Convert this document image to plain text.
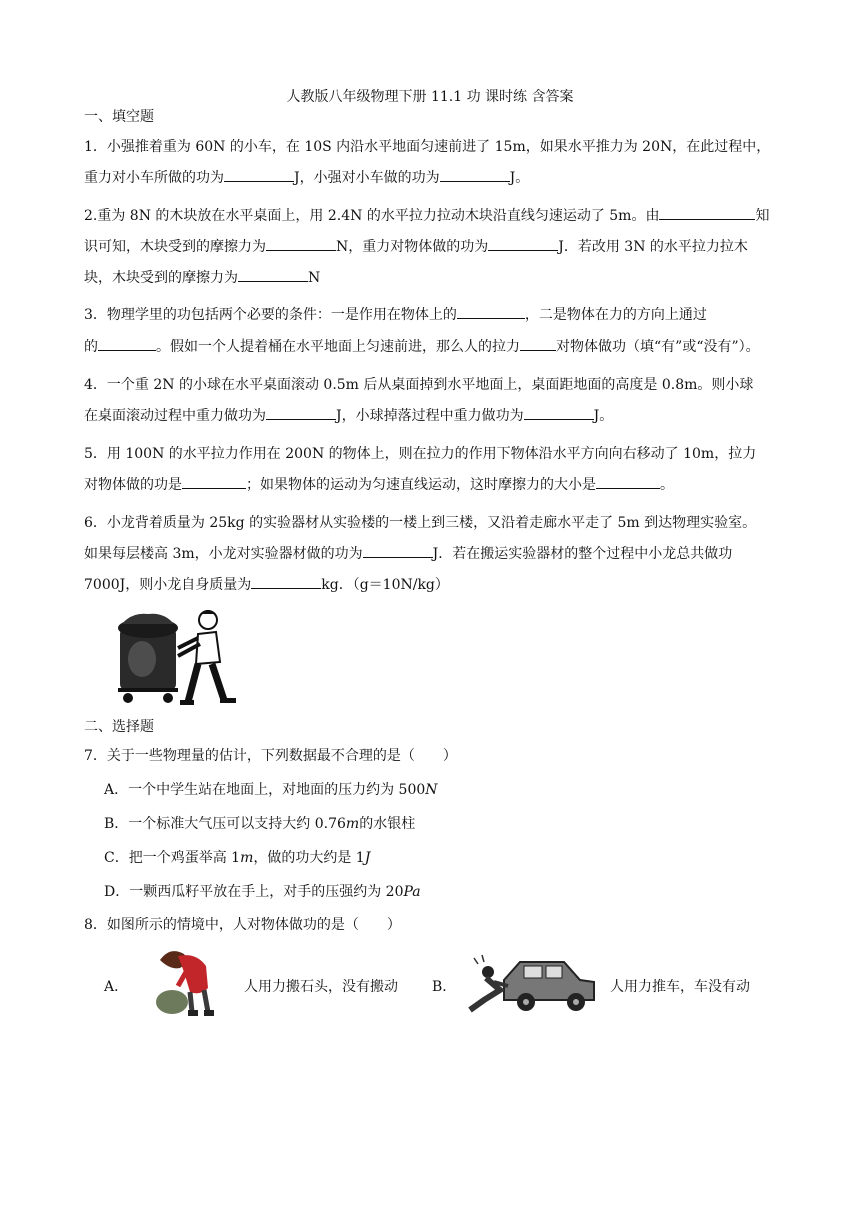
人教版八年级物理下册 11.1 功 课时练 含答案
一、填空题
1．小强推着重为 60N 的小车，在 10S 内沿水平地面匀速前进了 15m，如果水平推力为 20N，在此过程中，
重力对小车所做的功为	J，小强对小车做的功为	J。
2.重为 8N 的木块放在水平桌面上，用 2.4N 的水平拉力拉动木块沿直线匀速运动了 5m。由	知
识可知，木块受到的摩擦力为	N，重力对物体做的功为	J．若改用 3N 的水平拉力拉木
块，木块受到的摩擦力为	N
3．物理学里的功包括两个必要的条件：一是作用在物体上的	，二是物体在力的方向上通过
的	。假如一个人提着桶在水平地面上匀速前进，那么人的拉力	对物体做功（填“有”或“没有”）。
4．一个重 2N 的小球在水平桌面滚动 0.5m 后从桌面掉到水平地面上，桌面距地面的高度是 0.8m。则小球
在桌面滚动过程中重力做功为	J，小球掉落过程中重力做功为	J。
5．用 100N 的水平拉力作用在 200N 的物体上，则在拉力的作用下物体沿水平方向向右移动了 10m，拉力
对物体做的功是	；如果物体的运动为匀速直线运动，这时摩擦力的大小是	。
6．小龙背着质量为 25kg 的实验器材从实验楼的一楼上到三楼，又沿着走廊水平走了 5m 到达物理实验室。
如果每层楼高 3m，小龙对实验器材做的功为	J．若在搬运实验器材的整个过程中小龙总共做功
7000J，则小龙自身质量为	kg．（g＝10N/kg）
二、选择题
7．关于一些物理量的估计，下列数据最不合理的是（　　）
A．一个中学生站在地面上，对地面的压力约为 500N
B．一个标准大气压可以支持大约 0.76m的水银柱
C．把一个鸡蛋举高 1m，做的功大约是 1J
D．一颗西瓜籽平放在手上，对手的压强约为 20Pa
8．如图所示的情境中，人对物体做功的是（　　）
A．	人用力搬石头，没有搬动 B．	人用力推车，车没有动
